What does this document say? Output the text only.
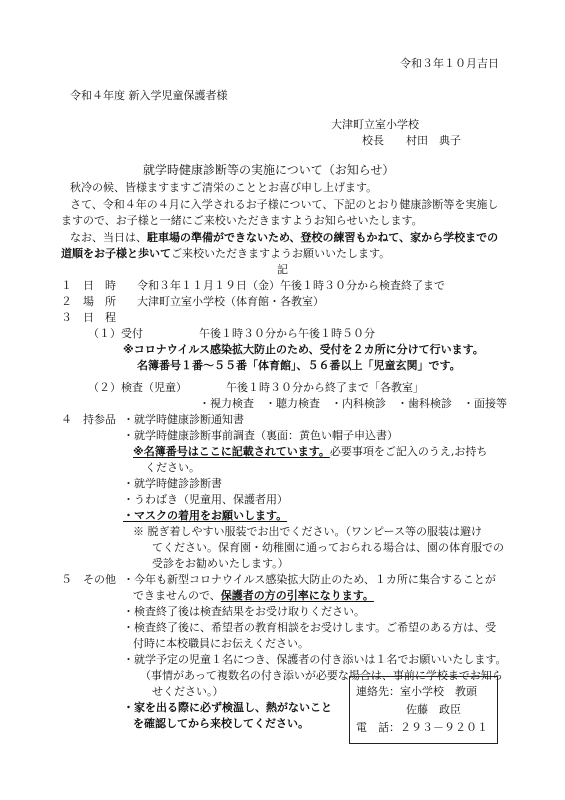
令和３年１０月吉日
令和４年度 新入学児童保護者様
大津町立室小学校
校長　　村田　典子
就学時健康診断等の実施について（お知らせ）
秋冷の候、皆様ますますご清栄のこととお喜び申し上げます。
さて、令和４年の４月に入学されるお子様について、下記のとおり健康診断等を実施し
ますので、お子様と一緒にご来校いただきますようお知らせいたします。
なお、当日は、駐車場の準備ができないため、登校の練習もかねて、家から学校までの
道順をお子様と歩いてご来校いただきますようお願いいたします。
記
１　日　時 令和３年１１月１９日（金）午後１時３０分から検査終了まで
２　場　所 大津町立室小学校（体育館・各教室）
３　日　程
（１）受付	午後１時３０分から午後１時５０分
※コロナウイルス感染拡大防止のため、受付を２カ所に分けて行います。
名簿番号１番～５５番「体育館」、５６番以上「児童玄関」です。
（２）検査（児童）	午後１時３０分から終了まで「各教室」
・視力検査　・聴力検査　・内科検診　・歯科検診　・面接等
４　持参品 ・就学時健康診断通知書
・就学時健康診断事前調査（裏面：黄色い帽子申込書）
※名簿番号はここに記載されています。必要事項をご記入のうえ,お持ち
ください。
・就学時健診診断書
・うわばき（児童用、保護者用）
・マスクの着用をお願いします。
※ 脱ぎ着しやすい服装でお出でください。（ワンピース等の服装は避け
てください。保育園・幼稚園に通っておられる場合は、園の体育服での
受診をお勧めいたします。）
５　その他 ・今年も新型コロナウイルス感染拡大防止のため、１カ所に集合することが
できませんので、保護者の方の引率になります。
・検査終了後は検査結果をお受け取りください。
・検査終了後に、希望者の教育相談をお受けします。ご希望のある方は、受
付時に本校職員にお伝えください。
・就学予定の児童１名につき、保護者の付き添いは１名でお願いいたします。
（事情があって複数名の付き添いが必要な場合は、事前に学校までお知ら
せください。）
・家を出る際に必ず検温し、熱がないこと
を確認してから来校してください。
連絡先：室小学校　教頭
佐藤　政臣
電　話：２９３－９２０１
